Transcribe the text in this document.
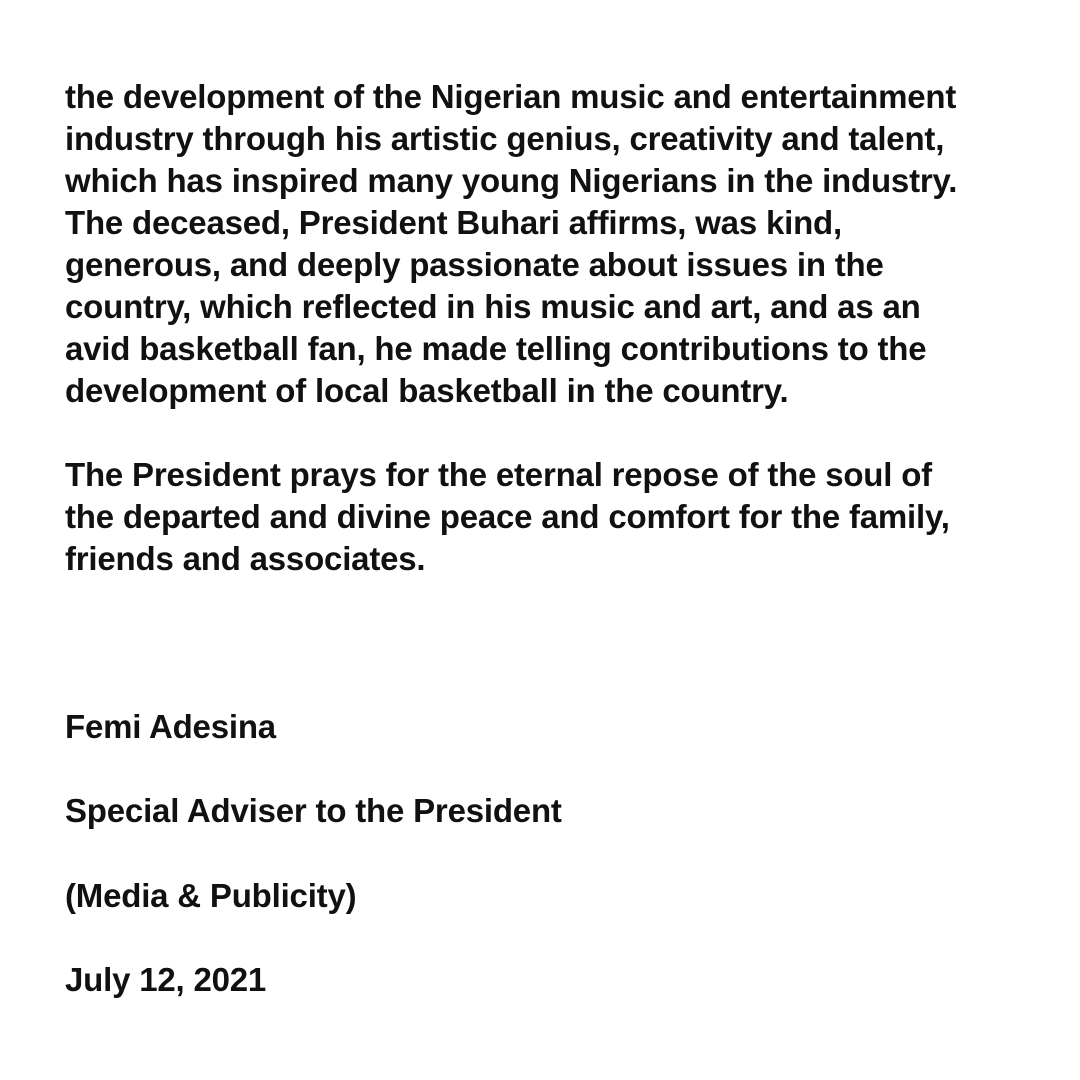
the development of the Nigerian music and entertainment
industry through his artistic genius, creativity and talent,
which has inspired many young Nigerians in the industry.
The deceased, President Buhari affirms, was kind,
generous, and deeply passionate about issues in the
country, which reflected in his music and art, and as an
avid basketball fan, he made telling contributions to the
development of local basketball in the country.

The President prays for the eternal repose of the soul of
the departed and divine peace and comfort for the family,
friends and associates.

Femi Adesina

Special Adviser to the President

(Media & Publicity)

July 12, 2021
